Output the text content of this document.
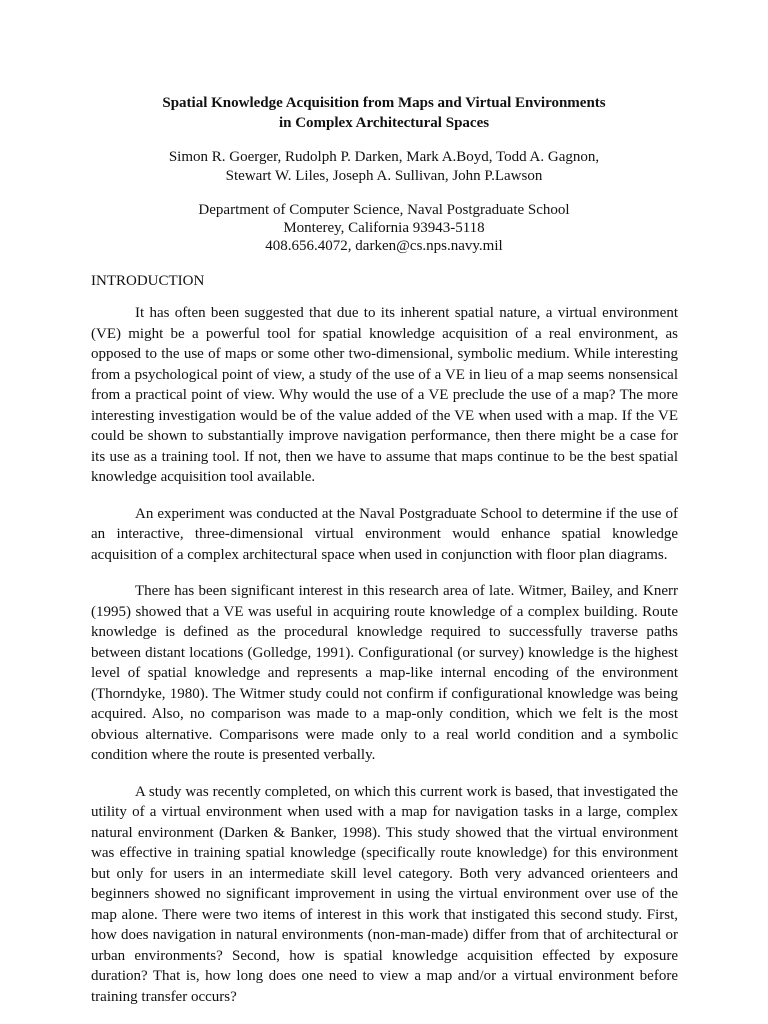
Spatial Knowledge Acquisition from Maps and Virtual Environments
in Complex Architectural Spaces
Simon R. Goerger, Rudolph P. Darken, Mark A.Boyd, Todd A. Gagnon,
Stewart W. Liles, Joseph A. Sullivan, John P.Lawson
Department of Computer Science, Naval Postgraduate School
Monterey, California 93943-5118
408.656.4072, darken@cs.nps.navy.mil
INTRODUCTION

It has often been suggested that due to its inherent spatial nature, a virtual environment (VE) might be a powerful tool for spatial knowledge acquisition of a real environment, as opposed to the use of maps or some other two-dimensional, symbolic medium. While interesting from a psychological point of view, a study of the use of a VE in lieu of a map seems nonsensical from a practical point of view. Why would the use of a VE preclude the use of a map? The more interesting investigation would be of the value added of the VE when used with a map. If the VE could be shown to substantially improve navigation performance, then there might be a case for its use as a training tool. If not, then we have to assume that maps continue to be the best spatial knowledge acquisition tool available.

An experiment was conducted at the Naval Postgraduate School to determine if the use of an interactive, three-dimensional virtual environment would enhance spatial knowledge acquisition of a complex architectural space when used in conjunction with floor plan diagrams.

There has been significant interest in this research area of late. Witmer, Bailey, and Knerr (1995) showed that a VE was useful in acquiring route knowledge of a complex building. Route knowledge is defined as the procedural knowledge required to successfully traverse paths between distant locations (Golledge, 1991). Configurational (or survey) knowledge is the highest level of spatial knowledge and represents a map-like internal encoding of the environment (Thorndyke, 1980). The Witmer study could not confirm if configurational knowledge was being acquired. Also, no comparison was made to a map-only condition, which we felt is the most obvious alternative. Comparisons were made only to a real world condition and a symbolic condition where the route is presented verbally.

A study was recently completed, on which this current work is based, that investigated the utility of a virtual environment when used with a map for navigation tasks in a large, complex natural environment (Darken & Banker, 1998). This study showed that the virtual environment was effective in training spatial knowledge (specifically route knowledge) for this environment but only for users in an intermediate skill level category. Both very advanced orienteers and beginners showed no significant improvement in using the virtual environment over use of the map alone. There were two items of interest in this work that instigated this second study. First, how does navigation in natural environments (non-man-made) differ from that of architectural or urban environments? Second, how is spatial knowledge acquisition effected by exposure duration? That is, how long does one need to view a map and/or a virtual environment before training transfer occurs?
